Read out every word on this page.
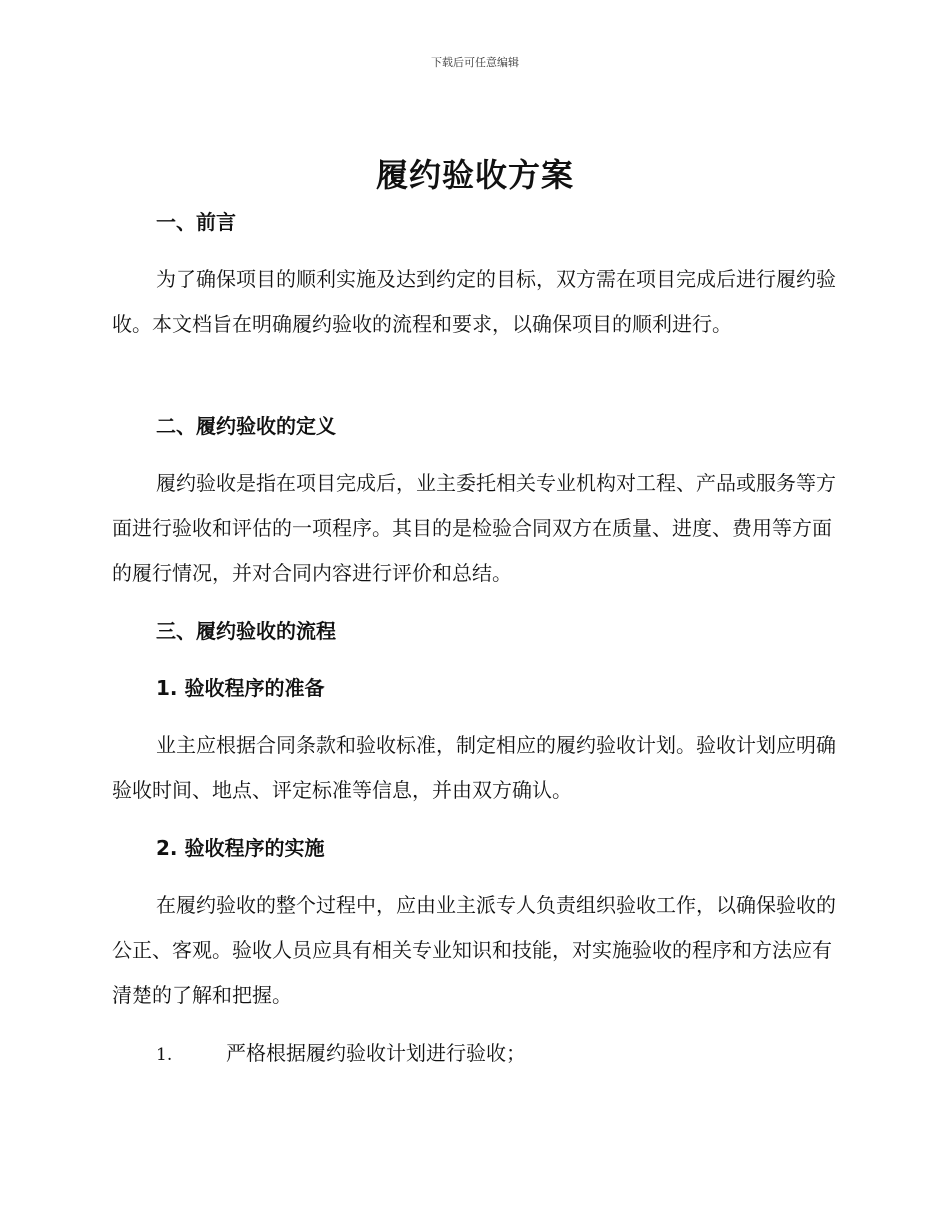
下载后可任意编辑
履约验收方案
一、前言

为了确保项目的顺利实施及达到约定的目标，双方需在项目完成后进行履约验收。本文档旨在明确履约验收的流程和要求，以确保项目的顺利进行。

二、履约验收的定义

履约验收是指在项目完成后，业主委托相关专业机构对工程、产品或服务等方面进行验收和评估的一项程序。其目的是检验合同双方在质量、进度、费用等方面的履行情况，并对合同内容进行评价和总结。

三、履约验收的流程
1. 验收程序的准备

业主应根据合同条款和验收标准，制定相应的履约验收计划。验收计划应明确验收时间、地点、评定标准等信息，并由双方确认。

2. 验收程序的实施

在履约验收的整个过程中，应由业主派专人负责组织验收工作，以确保验收的公正、客观。验收人员应具有相关专业知识和技能，对实施验收的程序和方法应有清楚的了解和把握。

1.	严格根据履约验收计划进行验收；
